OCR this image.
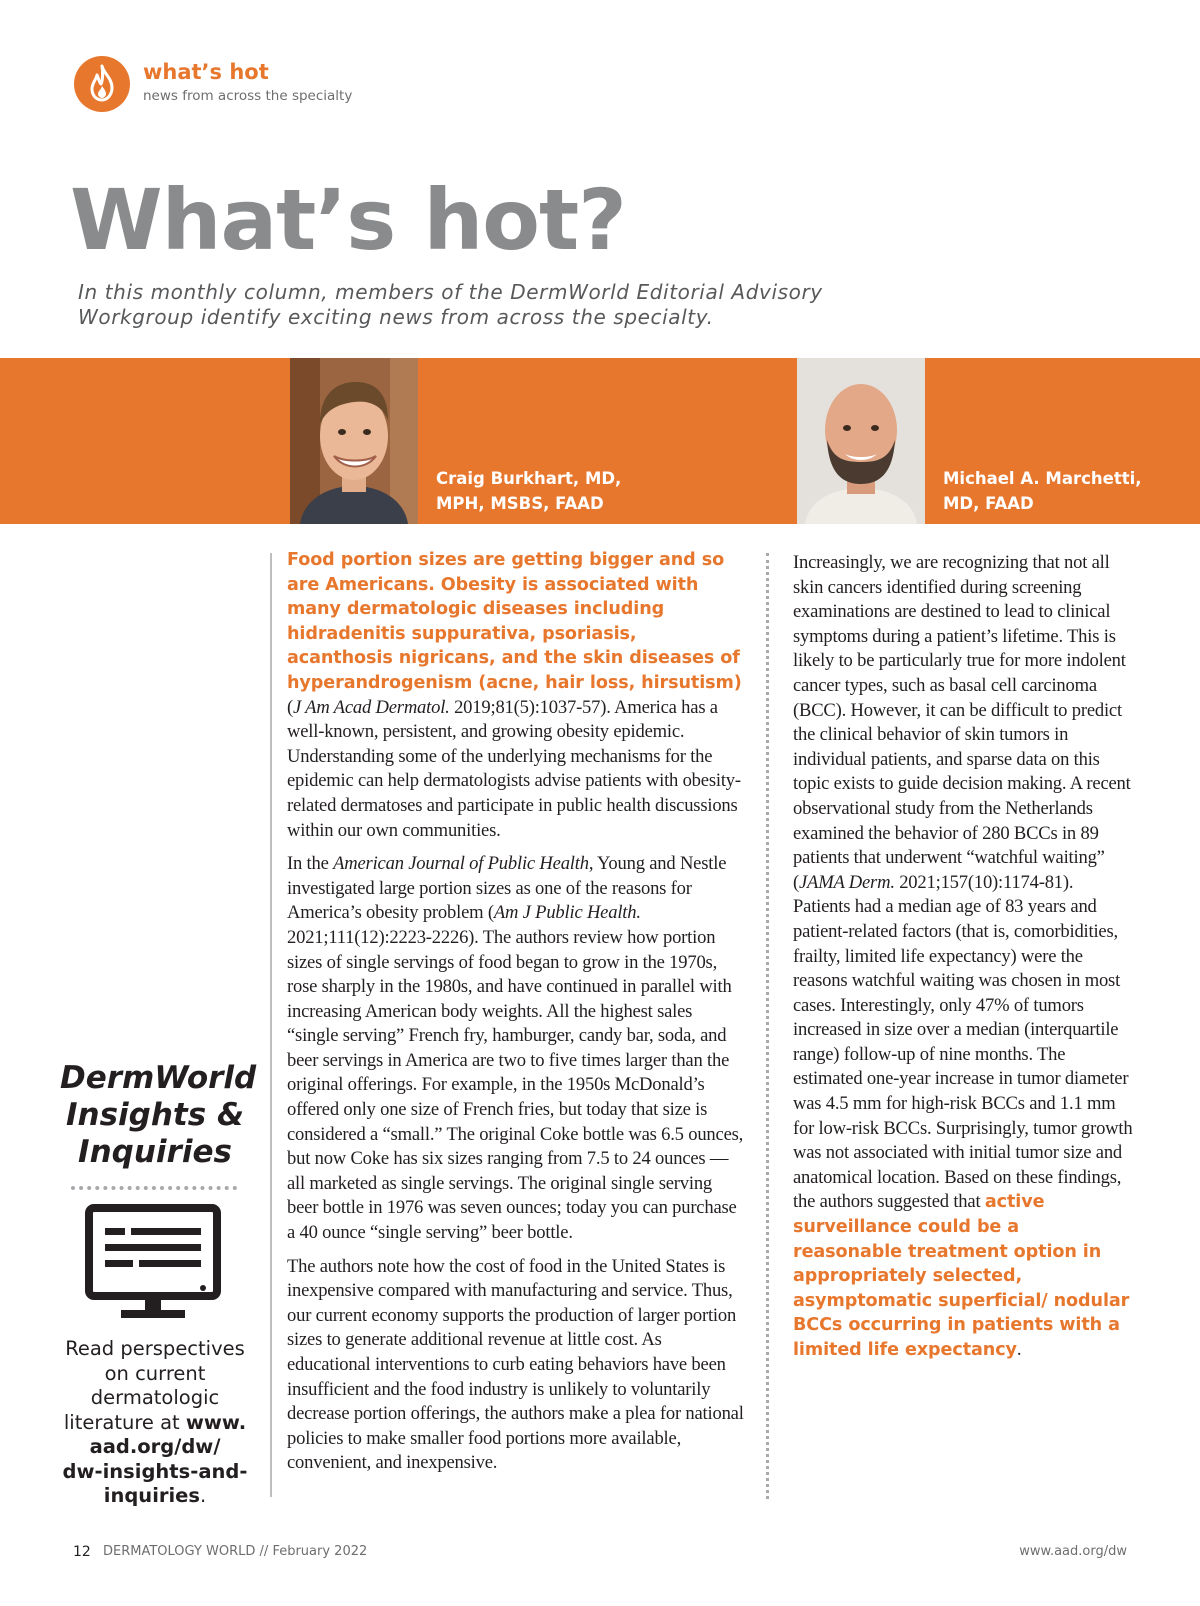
what’s hot
news from across the specialty
What’s hot?
In this monthly column, members of the DermWorld Editorial Advisory Workgroup identify exciting news from across the specialty.
Craig Burkhart, MD,
MPH, MSBS, FAAD
Michael A. Marchetti,
MD, FAAD
DermWorld
Insights &
Inquiries
Read perspectives
on current
dermatologic
literature at www.
aad.org/dw/
dw-insights-and-
inquiries.

Food portion sizes are getting bigger and so are Americans. Obesity is associated with many dermatologic diseases including hidradenitis suppurativa, psoriasis, acanthosis nigricans, and the skin diseases of hyperandrogenism (acne, hair loss, hirsutism) (J Am Acad Dermatol. 2019;81(5):1037-57). America has a well-known, persistent, and growing obesity epidemic. Understanding some of the underlying mechanisms for the epidemic can help dermatologists advise patients with obesity-related dermatoses and participate in public health discussions within our own communities.

In the American Journal of Public Health, Young and Nestle investigated large portion sizes as one of the reasons for America’s obesity problem (Am J Public Health. 2021;111(12):2223-2226). The authors review how portion sizes of single servings of food began to grow in the 1970s, rose sharply in the 1980s, and have continued in parallel with increasing American body weights. All the highest sales “single serving” French fry, hamburger, candy bar, soda, and beer servings in America are two to five times larger than the original offerings. For example, in the 1950s McDonald’s offered only one size of French fries, but today that size is considered a “small.” The original Coke bottle was 6.5 ounces, but now Coke has six sizes ranging from 7.5 to 24 ounces — all marketed as single servings. The original single serving beer bottle in 1976 was seven ounces; today you can purchase a 40 ounce “single serving” beer bottle.

The authors note how the cost of food in the United States is inexpensive compared with manufacturing and service. Thus, our current economy supports the production of larger portion sizes to generate additional revenue at little cost. As educational interventions to curb eating behaviors have been insufficient and the food industry is unlikely to voluntarily decrease portion offerings, the authors make a plea for national policies to make smaller food portions more available, convenient, and inexpensive.

Increasingly, we are recognizing that not all skin cancers identified during screening examinations are destined to lead to clinical symptoms during a patient’s lifetime. This is likely to be particularly true for more indolent cancer types, such as basal cell carcinoma (BCC). However, it can be difficult to predict the clinical behavior of skin tumors in individual patients, and sparse data on this topic exists to guide decision making. A recent observational study from the Netherlands examined the behavior of 280 BCCs in 89 patients that underwent “watchful waiting” (JAMA Derm. 2021;157(10):1174-81). Patients had a median age of 83 years and patient-related factors (that is, comorbidities, frailty, limited life expectancy) were the reasons watchful waiting was chosen in most cases. Interestingly, only 47% of tumors increased in size over a median (interquartile range) follow-up of nine months. The estimated one-year increase in tumor diameter was 4.5 mm for high-risk BCCs and 1.1 mm for low-risk BCCs. Surprisingly, tumor growth was not associated with initial tumor size and anatomical location. Based on these findings, the authors suggested that active surveillance could be a reasonable treatment option in appropriately selected, asymptomatic superficial/ nodular BCCs occurring in patients with a limited life expectancy.

12 DERMATOLOGY WORLD // February 2022	www.aad.org/dw
